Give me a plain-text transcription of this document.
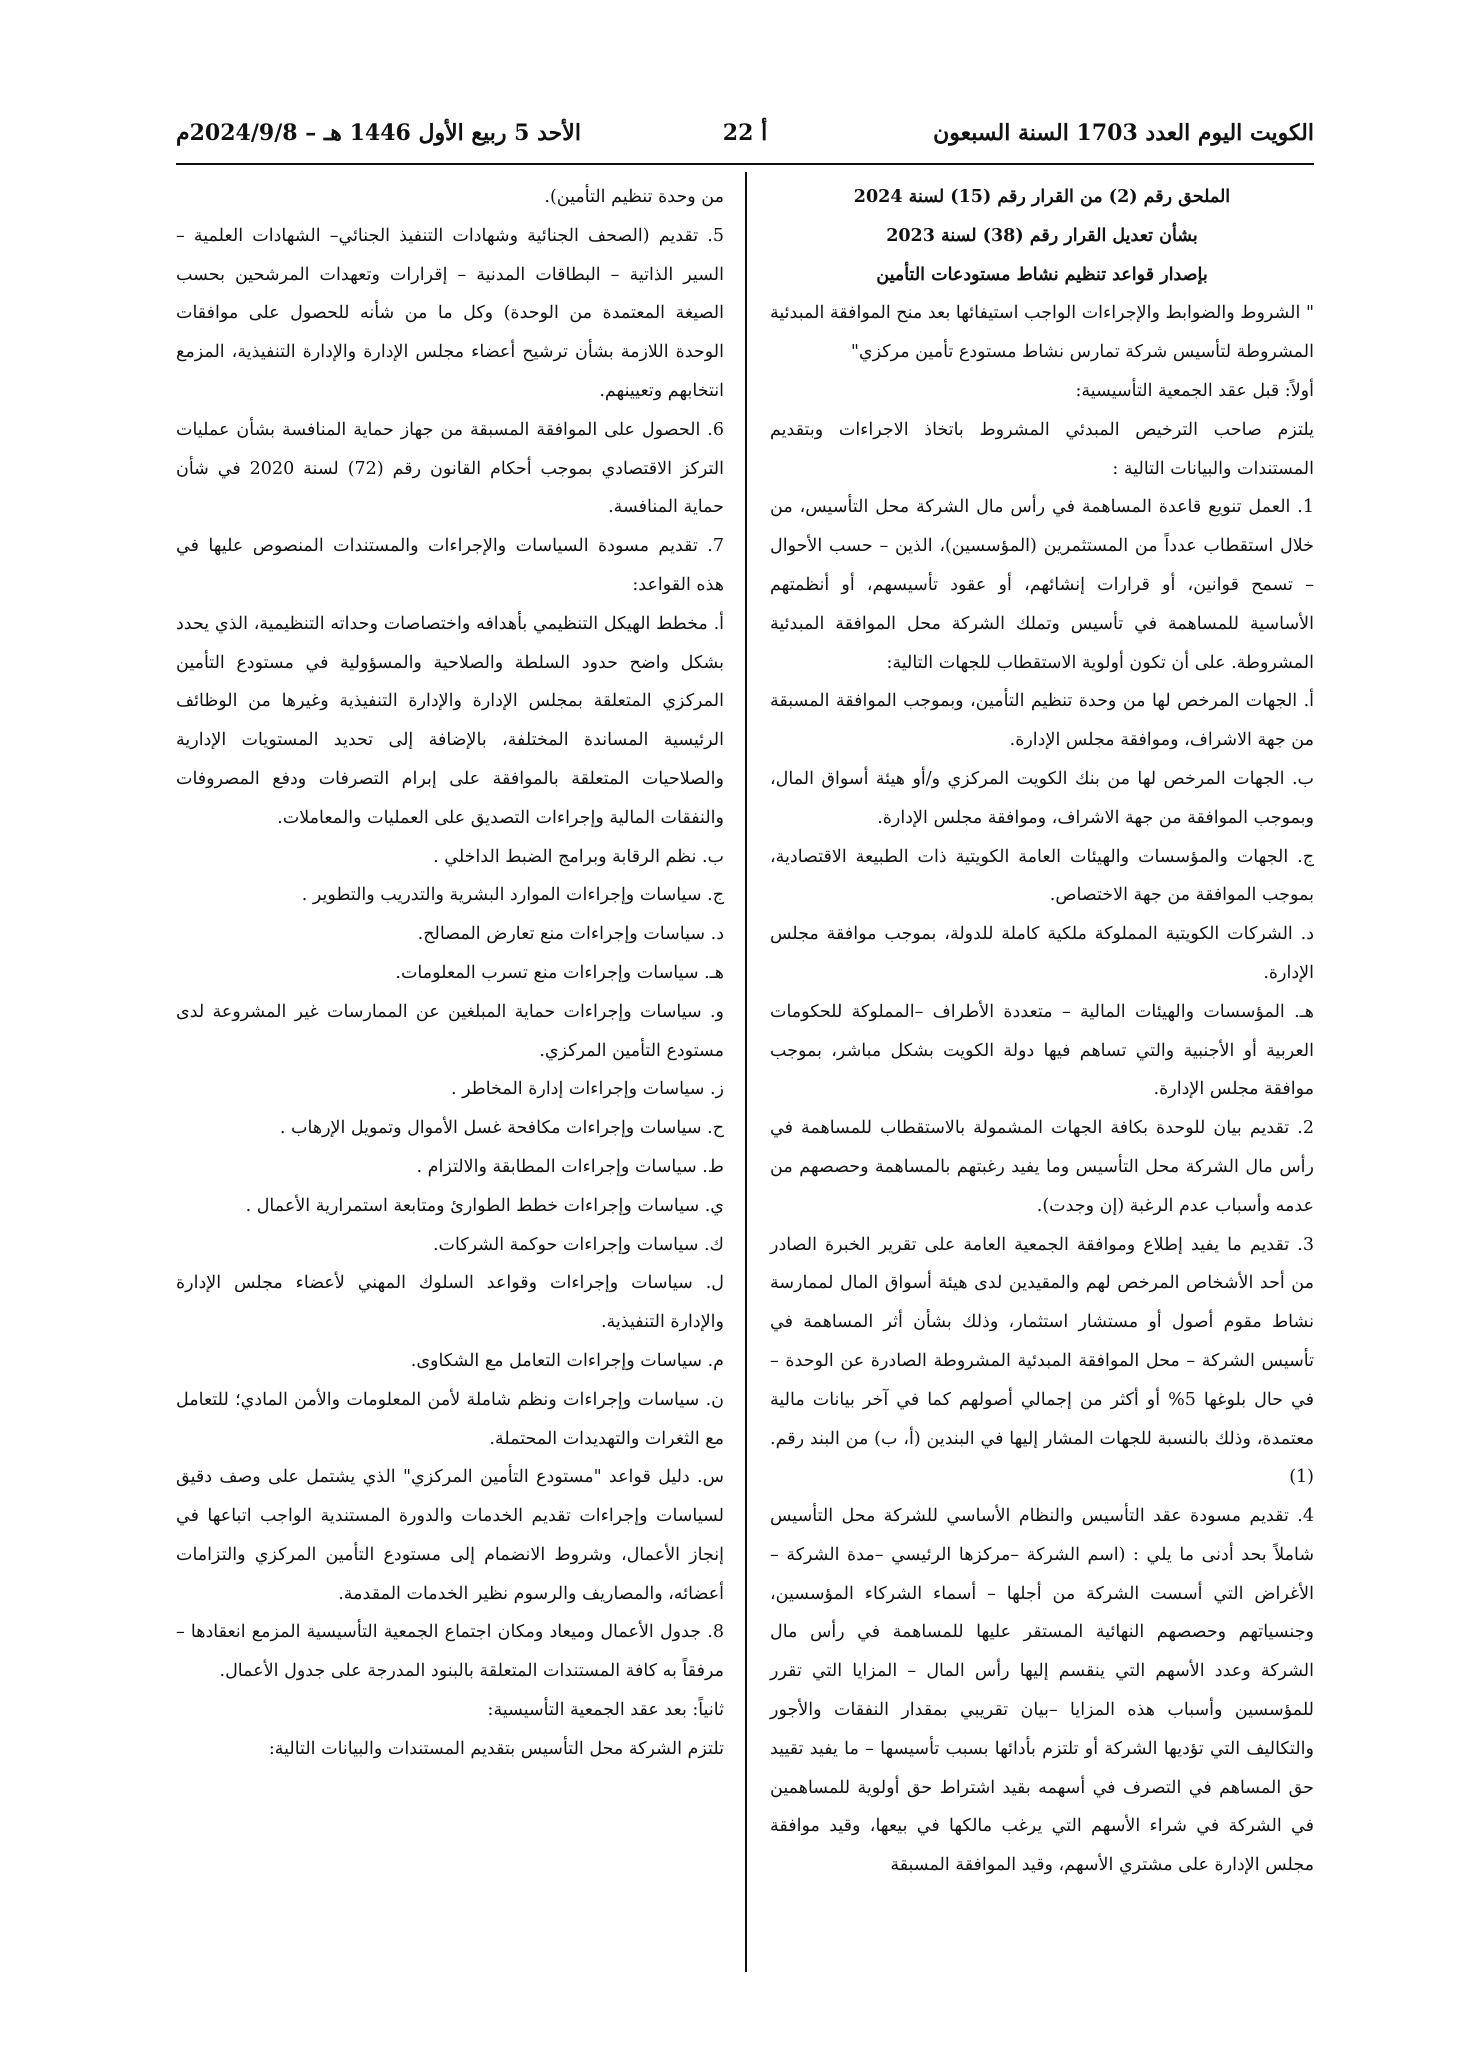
الكويت اليوم العدد 1703 السنة السبعون
أ 22
الأحد 5 ربيع الأول 1446 هـ – 2024/9/8م

الملحق رقم (2) من القرار رقم (15) لسنة 2024

بشأن تعديل القرار رقم (38) لسنة 2023

بإصدار قواعد تنظيم نشاط مستودعات التأمين

" الشروط والضوابط والإجراءات الواجب استيفائها بعد منح الموافقة المبدئية المشروطة لتأسيس شركة تمارس نشاط مستودع تأمين مركزي"

أولاً: قبل عقد الجمعية التأسيسية:

يلتزم صاحب الترخيص المبدئي المشروط باتخاذ الاجراءات وبتقديم المستندات والبيانات التالية :

1. العمل تنويع قاعدة المساهمة في رأس مال الشركة محل التأسيس، من خلال استقطاب عدداً من المستثمرين (المؤسسين)، الذين – حسب الأحوال – تسمح قوانين، أو قرارات إنشائهم، أو عقود تأسيسهم، أو أنظمتهم الأساسية للمساهمة في تأسيس وتملك الشركة محل الموافقة المبدئية المشروطة. على أن تكون أولوية الاستقطاب للجهات التالية:

أ. الجهات المرخص لها من وحدة تنظيم التأمين، وبموجب الموافقة المسبقة من جهة الاشراف، وموافقة مجلس الإدارة.

ب. الجهات المرخص لها من بنك الكويت المركزي و/أو هيئة أسواق المال، وبموجب الموافقة من جهة الاشراف، وموافقة مجلس الإدارة.

ج. الجهات والمؤسسات والهيئات العامة الكويتية ذات الطبيعة الاقتصادية، بموجب الموافقة من جهة الاختصاص.

د. الشركات الكويتية المملوكة ملكية كاملة للدولة، بموجب موافقة مجلس الإدارة.

هـ. المؤسسات والهيئات المالية – متعددة الأطراف –المملوكة للحكومات العربية أو الأجنبية والتي تساهم فيها دولة الكويت بشكل مباشر، بموجب موافقة مجلس الإدارة.

2. تقديم بيان للوحدة بكافة الجهات المشمولة بالاستقطاب للمساهمة في رأس مال الشركة محل التأسيس وما يفيد رغبتهم بالمساهمة وحصصهم من عدمه وأسباب عدم الرغبة (إن وجدت).

3. تقديم ما يفيد إطلاع وموافقة الجمعية العامة على تقرير الخبرة الصادر من أحد الأشخاص المرخص لهم والمقيدين لدى هيئة أسواق المال لممارسة نشاط مقوم أصول أو مستشار استثمار، وذلك بشأن أثر المساهمة في تأسيس الشركة – محل الموافقة المبدئية المشروطة الصادرة عن الوحدة – في حال بلوغها 5% أو أكثر من إجمالي أصولهم كما في آخر بيانات مالية معتمدة، وذلك بالنسبة للجهات المشار إليها في البندين (أ، ب) من البند رقم.(1)

4. تقديم مسودة عقد التأسيس والنظام الأساسي للشركة محل التأسيس شاملاً بحد أدنى ما يلي : (اسم الشركة –مركزها الرئيسي –مدة الشركة –الأغراض التي أسست الشركة من أجلها – أسماء الشركاء المؤسسين، وجنسياتهم وحصصهم النهائية المستقر عليها للمساهمة في رأس مال الشركة وعدد الأسهم التي ينقسم إليها رأس المال – المزايا التي تقرر للمؤسسين وأسباب هذه المزايا –بيان تقريبي بمقدار النفقات والأجور والتكاليف التي تؤديها الشركة أو تلتزم بأدائها بسبب تأسيسها – ما يفيد تقييد حق المساهم في التصرف في أسهمه بقيد اشتراط حق أولوية للمساهمين في الشركة في شراء الأسهم التي يرغب مالكها في بيعها، وقيد موافقة مجلس الإدارة على مشتري الأسهم، وقيد الموافقة المسبقة

من وحدة تنظيم التأمين).

5. تقديم (الصحف الجنائية وشهادات التنفيذ الجنائي– الشهادات العلمية – السير الذاتية – البطاقات المدنية – إقرارات وتعهدات المرشحين بحسب الصيغة المعتمدة من الوحدة) وكل ما من شأنه للحصول على موافقات الوحدة اللازمة بشأن ترشيح أعضاء مجلس الإدارة والإدارة التنفيذية، المزمع انتخابهم وتعيينهم.

6. الحصول على الموافقة المسبقة من جهاز حماية المنافسة بشأن عمليات التركز الاقتصادي بموجب أحكام القانون رقم (72) لسنة 2020 في شأن حماية المنافسة.

7. تقديم مسودة السياسات والإجراءات والمستندات المنصوص عليها في هذه القواعد:

أ. مخطط الهيكل التنظيمي بأهدافه واختصاصات وحداته التنظيمية، الذي يحدد بشكل واضح حدود السلطة والصلاحية والمسؤولية في مستودع التأمين المركزي المتعلقة بمجلس الإدارة والإدارة التنفيذية وغيرها من الوظائف الرئيسية المساندة المختلفة، بالإضافة إلى تحديد المستويات الإدارية والصلاحيات المتعلقة بالموافقة على إبرام التصرفات ودفع المصروفات والنفقات المالية وإجراءات التصديق على العمليات والمعاملات.

ب. نظم الرقابة وبرامج الضبط الداخلي .

ج. سياسات وإجراءات الموارد البشرية والتدريب والتطوير .

د. سياسات وإجراءات منع تعارض المصالح.

هـ. سياسات وإجراءات منع تسرب المعلومات.

و. سياسات وإجراءات حماية المبلغين عن الممارسات غير المشروعة لدى مستودع التأمين المركزي.

ز. سياسات وإجراءات إدارة المخاطر .

ح. سياسات وإجراءات مكافحة غسل الأموال وتمويل الإرهاب .

ط. سياسات وإجراءات المطابقة والالتزام .

ي. سياسات وإجراءات خطط الطوارئ ومتابعة استمرارية الأعمال .

ك. سياسات وإجراءات حوكمة الشركات.

ل. سياسات وإجراءات وقواعد السلوك المهني لأعضاء مجلس الإدارة والإدارة التنفيذية.

م. سياسات وإجراءات التعامل مع الشكاوى.

ن. سياسات وإجراءات ونظم شاملة لأمن المعلومات والأمن المادي؛ للتعامل مع الثغرات والتهديدات المحتملة.

س. دليل قواعد "مستودع التأمين المركزي" الذي يشتمل على وصف دقيق لسياسات وإجراءات تقديم الخدمات والدورة المستندية الواجب اتباعها في إنجاز الأعمال، وشروط الانضمام إلى مستودع التأمين المركزي والتزامات أعضائه، والمصاريف والرسوم نظير الخدمات المقدمة.

8. جدول الأعمال وميعاد ومكان اجتماع الجمعية التأسيسية المزمع انعقادها –مرفقاً به كافة المستندات المتعلقة بالبنود المدرجة على جدول الأعمال.

ثانياً: بعد عقد الجمعية التأسيسية:

تلتزم الشركة محل التأسيس بتقديم المستندات والبيانات التالية:
